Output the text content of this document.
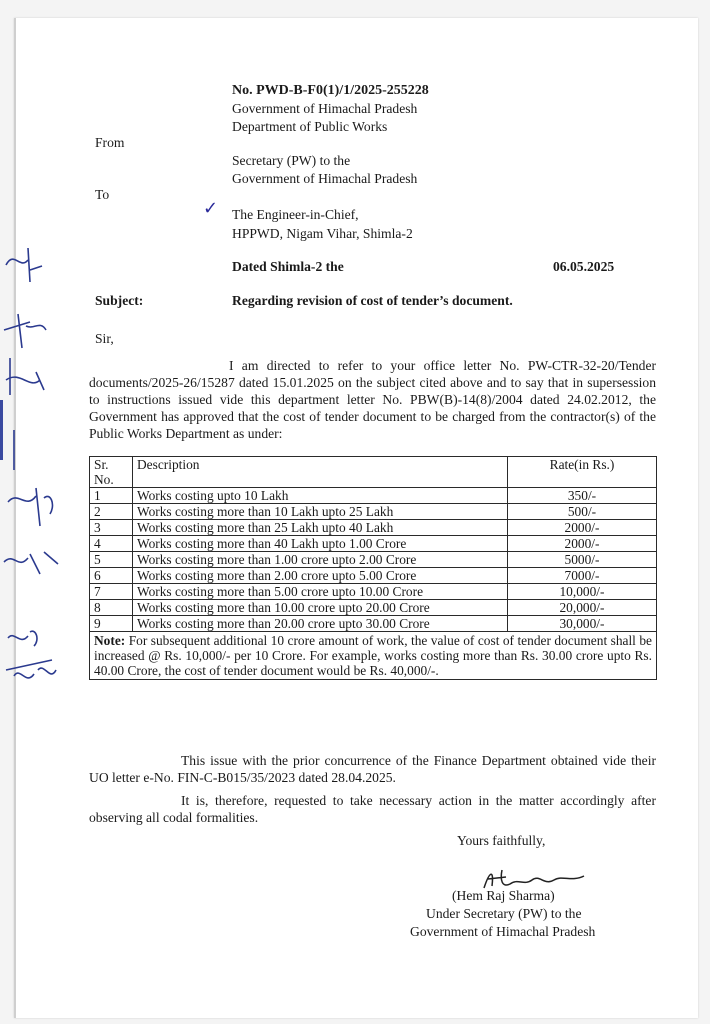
No. PWD-B-F0(1)/1/2025-255228
Government of Himachal Pradesh
Department of Public Works
From
Secretary (PW) to the
Government of Himachal Pradesh
To
✓ The Engineer-in-Chief,
HPPWD, Nigam Vihar, Shimla-2
Dated Shimla-2 the	06.05.2025
Subject:	Regarding revision of cost of tender’s document.
Sir,
I am directed to refer to your office letter No. PW-CTR-32-20/Tender documents/2025-26/15287 dated 15.01.2025 on the subject cited above and to say that in supersession to instructions issued vide this department letter No. PBW(B)-14(8)/2004 dated 24.02.2012, the Government has approved that the cost of tender document to be charged from the contractor(s) of the Public Works Department as under:
Sr. No.	Description	Rate(in Rs.)
1	Works costing upto 10 Lakh	350/-
2	Works costing more than 10 Lakh upto 25 Lakh	500/-
3	Works costing more than 25 Lakh upto 40 Lakh	2000/-
4	Works costing more than 40 Lakh upto 1.00 Crore	2000/-
5	Works costing more than 1.00 crore upto 2.00 Crore	5000/-
6	Works costing more than 2.00 crore upto 5.00 Crore	7000/-
7	Works costing more than 5.00 crore upto 10.00 Crore	10,000/-
8	Works costing more than 10.00 crore upto 20.00 Crore	20,000/-
9	Works costing more than 20.00 crore upto 30.00 Crore	30,000/-
Note: For subsequent additional 10 crore amount of work, the value of cost of tender document shall be increased @ Rs. 10,000/- per 10 Crore. For example, works costing more than Rs. 30.00 crore upto Rs. 40.00 Crore, the cost of tender document would be Rs. 40,000/-.		
This issue with the prior concurrence of the Finance Department obtained vide their UO letter e-No. FIN-C-B015/35/2023 dated 28.04.2025.
It is, therefore, requested to take necessary action in the matter accordingly after observing all codal formalities.
Yours faithfully,
(Hem Raj Sharma)
Under Secretary (PW) to the
Government of Himachal Pradesh
